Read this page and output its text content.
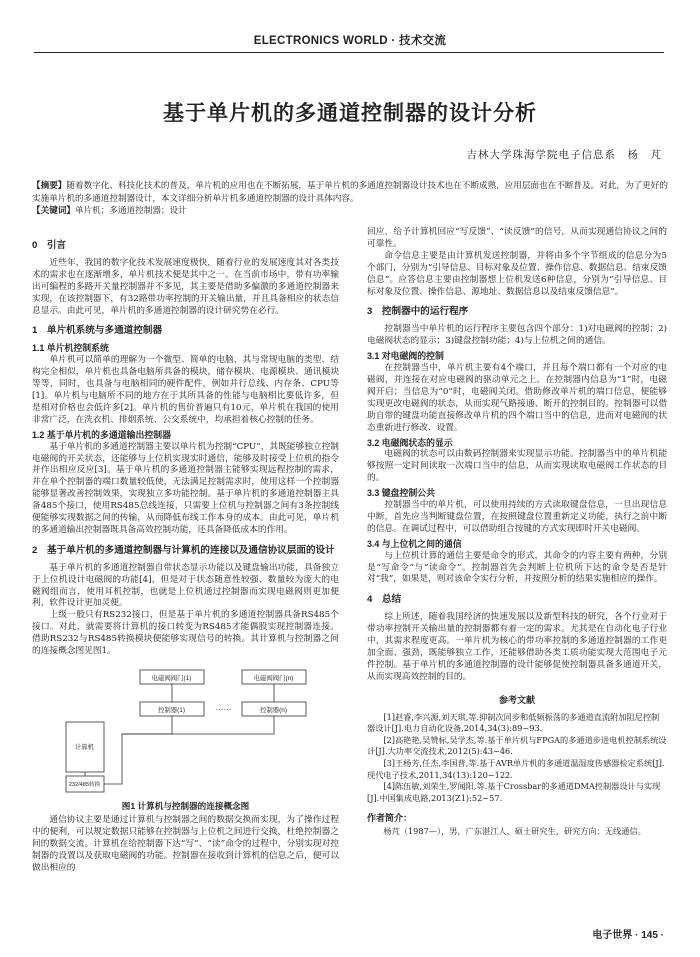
ELECTRONICS WORLD · 技术交流
基于单片机的多通道控制器的设计分析
吉林大学珠海学院电子信息系　杨　芃
【摘要】随着数字化、科技化技术的普及，单片机的应用也在不断拓展，基于单片机的多通道控制器设计技术也在不断成熟，应用层面也在不断普及。对此，为了更好的实施单片机的多通道控制器设计，本文详细分析单片机多通道控制器的设计具体内容。
【关键词】单片机；多通道控制器；设计
0　引言

近些年，我国的数字化技术发展速度极快，随着行业的发展速度其对各类技术的需求也在逐渐增多，单片机技术便是其中之一。在当前市场中，带有功率输出可编程的多路开关量控制器并不多见，其主要是借助多偏激的多通道控制器来实现，在该控制器下，有32路带功率控制的开关输出量，并且具备相应的状态信息显示。由此可见，单片机的多通道控制器的设计研究势在必行。

1　单片机系统与多通道控制器
1.1 单片机控制系统

单片机可以简单的理解为一个微型、简单的电脑，其与常规电脑的类型、结构完全相似，单片机也具备电脑所具备的模块，储存模块、电源模块、通讯模块等等，同时，也具备与电脑相同的硬件配件，例如并行总线、内存条、CPU等[1]。单片机与电脑所不同的地方在于其所具备的性能与电脑相比要低许多，但是相对价格也会低许多[2]。单片机的售价普遍只有10元，单片机在我国的使用非常广泛，在洗衣机、排烟系统、公交系统中，均承担着核心控制的任务。

1.2 基于单片机的多通道输出控制器

基于单片机的多通道控制器主要以单片机为控制“CPU”，其既能够独立控制电磁阀的开关状态，还能够与上位机实现实时通信，能够及时接受上位机的指令并作出相应反应[3]。基于单片机的多通道控制器主能够实现远程控制的需求，并在单个控制器的端口数量较低使，无法满足控制需求时，使用这样一个控制器能够显著改善控制效果，实现独立多功能控制。基于单片机的多通道控制器主具备485个接口，使用RS485总线连接，只需要上位机与控制器之间有3条控制线便能够实现数据之间的传输，从而降低布线工作本身的成本。由此可见，单片机的多通道输出控制器既具备高效控制功能，还具备降低成本的作用。

2　基于单片机的多通道控制器与计算机的连接以及通信协议层面的设计

基于单片机的多通道控制器自带状态显示功能以及键盘输出功能，具备独立于上位机设计电磁阀的功能[4]，但是对于状态随意性较强、数量较为庞大的电磁阀组而言，使用耳机控制，也就是上位机通过控制器而实现电磁阀则更加便利，软件设计更加灵便。

上级一般只有RS232接口，但是基于单片机的多通道控制器具备RS485个接口。对此，就需要将计算机的接口转变为RS485才能偶股实现控制器连接。借助RS232与RS485转换模块便能够实现信号的转换。其计算机与控制器之间的连接概念图见图1。

电磁阀阀门(1)
控制器(1)
电磁阀阀门(n)
控制器(n)
计算机
232/485转换
……
图1 计算机与控制器的连接概念图

通信协议主要是通过计算机与控制器之间的数据交换而实现，为了操作过程中的便利，可以规定数据只能够在控制器与上位机之间进行交换，杜绝控制器之间的数据交流。计算机在给控制器下达“写”、“读”命令的过程中，分别实现对控制器的设置以及获取电磁阀的功能。控制器在接收到计算机的信息之后，便可以做出相应的

回应，给予计算机回应“写反馈”、“读反馈”的信号，从而实现通信协议之间的可靠性。

命令信息主要是由计算机发送控制器，并将由多个字节组成的信息分为5个部门，分别为“引导信息、目标对象及位置、操作信息、数据信息、结束反馈信息”。应答信息主要由控制器想上位机发送6种信息，分别为“引导信息、目标对象及位置、操作信息、源地址、数据信息以及结束反馈信息”。

3　控制器中的运行程序

控制器当中单片机的运行程序主要包含四个部分：1)对电磁阀的控制；2)电磁阀状态的显示；3)键盘控制功能；4)与上位机之间的通信。

3.1 对电磁阀的控制

在控制器当中，单片机主要有4个端口，并且每个端口都有一个对应的电磁阀，并连接在对应电磁阀的驱动单元之上。在控制器内信息为“1”时，电磁阀开启；当信息为“0”时，电磁阀关闭。借助修改单片机的端口信息，便能够实现更改电磁阀的状态，从而实现气路接通、断开的控制目的。控制器可以借助自带的键盘功能直接修改单片机的四个端口当中的信息，进而对电磁阀的状态重新进行修改、设置。

3.2 电磁阀状态的显示

电磁阀的状态可以由数码控制器来实现显示功能。控制器当中的单片机能够按照一定时间读取一次端口当中的信息，从而实现读取电磁阀工作状态的目的。

3.3 键盘控制公共

控制器当中的单片机，可以使用持续的方式读取键盘信息，一旦出现信息中断，首先应当判断键盘位置，在按照键盘位置重新定义功能，执行之前中断的信息。在调试过程中，可以借助组合按键的方式实现即时开关电磁阀。

3.4 与上位机之间的通信

与上位机计算的通信主要是命令的形式，其命令的内容主要有两种，分别是“写命令”与“读命令”。控制器首先会判断上位机所下达的命令是否是针对“我”，如果是，则对该命令实行分析，并按照分析的结果实施相应的操作。

4　总结

综上所述，随着我国经济的快速发展以及新型科技的研究，各个行业对于带功率控制开关输出量的控制器都有着一定的需求。尤其是在自动化电子行业中，其需求程度更高。一单片机为核心的带功率控制的多通道控制器的工作更加全面、强劲，既能够独立工作，还能够借助各类工质功能实现大范围电子元件控制。基于单片机的多通道控制器的设计能够促使控制器具备多通道开关，从而实现高效控制的目的。

参考文献

[1]赵睿,李兴源,刘天琪,等.抑制次同步和低频振荡的多通道直流附加阻尼控制器设计[J].电力自动化设备,2014,34(3):89~93.

[2]高艳艳,吴赞标,吴学杰,等.基于单片机与FPGA的多通道步进电机控制系统设计[J].大功率交流技术,2012(5):43~46.

[3]王杨芳,任杰,李国普,等.基于AVR单片机的多通道温湿度传感器检定系统[J].现代电子技术,2011,34(13):120~122.

[4]陈伍敏,刘荣生,罗闻阳,等.基于Crossbar的多通道DMA控制器设计与实现[J].中国集成电路,2013(Z1):52~57.

作者简介：

杨芃（1987—），男，广东湛江人，硕士研究生，研究方向：无线通信。

电子世界 · 145 ·
